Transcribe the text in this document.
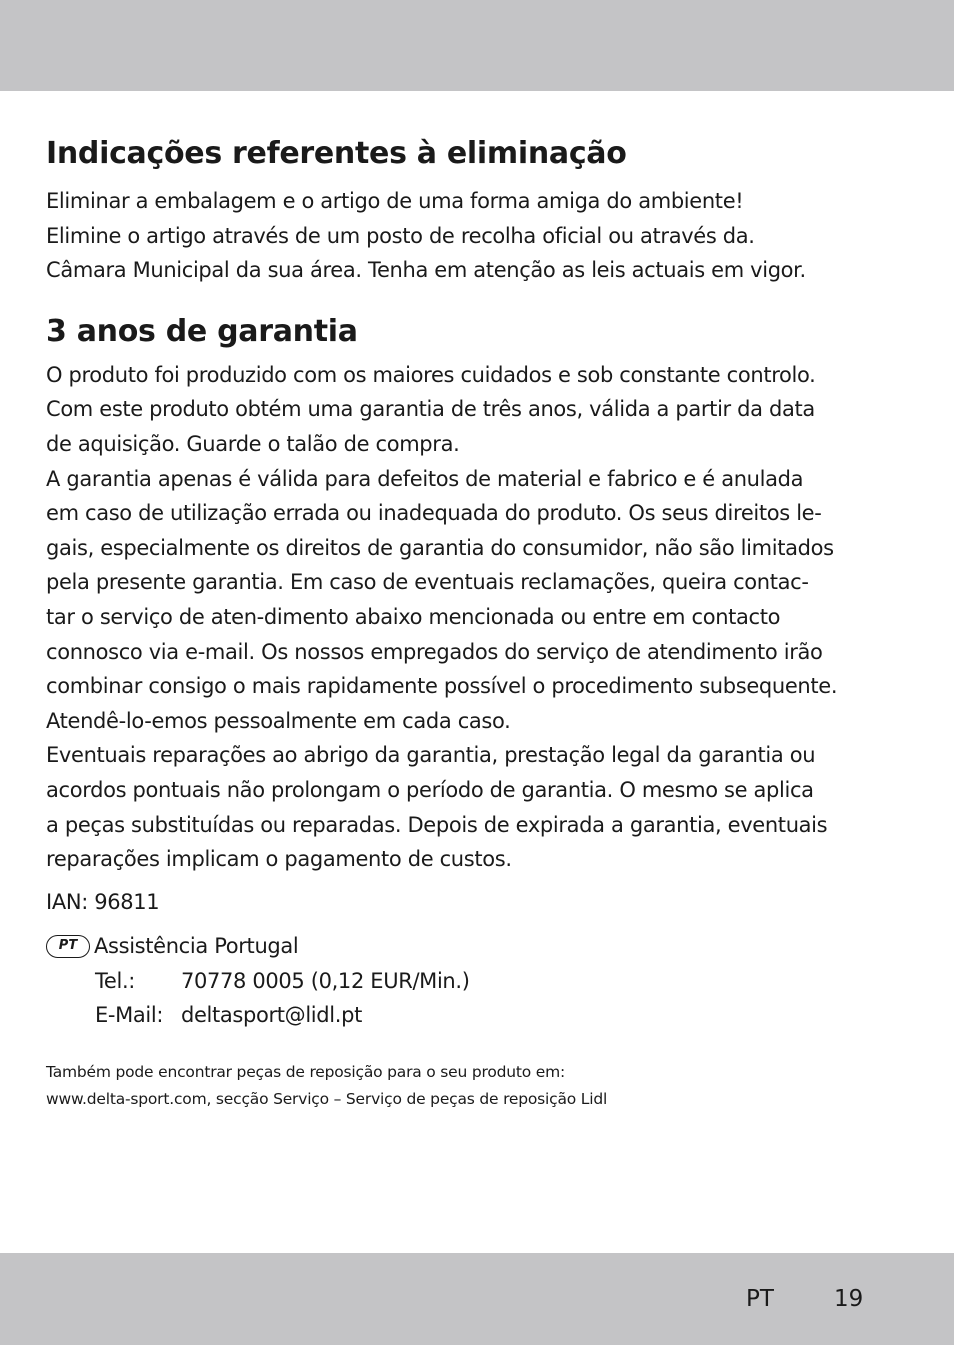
Indicações referentes à eliminação

Eliminar a embalagem e o artigo de uma forma amiga do ambiente!
Elimine o artigo através de um posto de recolha oficial ou através da.
Câmara Municipal da sua área. Tenha em atenção as leis actuais em vigor.

3 anos de garantia

O produto foi produzido com os maiores cuidados e sob constante controlo.
Com este produto obtém uma garantia de três anos, válida a partir da data
de aquisição. Guarde o talão de compra.
A garantia apenas é válida para defeitos de material e fabrico e é anulada
em caso de utilização errada ou inadequada do produto. Os seus direitos le-
gais, especialmente os direitos de garantia do consumidor, não são limitados
pela presente garantia. Em caso de eventuais reclamações, queira contac-
tar o serviço de aten-dimento abaixo mencionada ou entre em contacto
connosco via e-mail. Os nossos empregados do serviço de atendimento irão
combinar consigo o mais rapidamente possível o procedimento subsequente.
Atendê-lo-emos pessoalmente em cada caso.
Eventuais reparações ao abrigo da garantia, prestação legal da garantia ou
acordos pontuais não prolongam o período de garantia. O mesmo se aplica
a peças substituídas ou reparadas. Depois de expirada a garantia, eventuais
reparações implicam o pagamento de custos.

IAN: 96811

PT Assistência Portugal
Tel.: 70778 0005 (0,12 EUR/Min.)
E-Mail: deltasport@lidl.pt
Também pode encontrar peças de reposição para o seu produto em:
www.delta-sport.com, secção Serviço – Serviço de peças de reposição Lidl
PT	19
